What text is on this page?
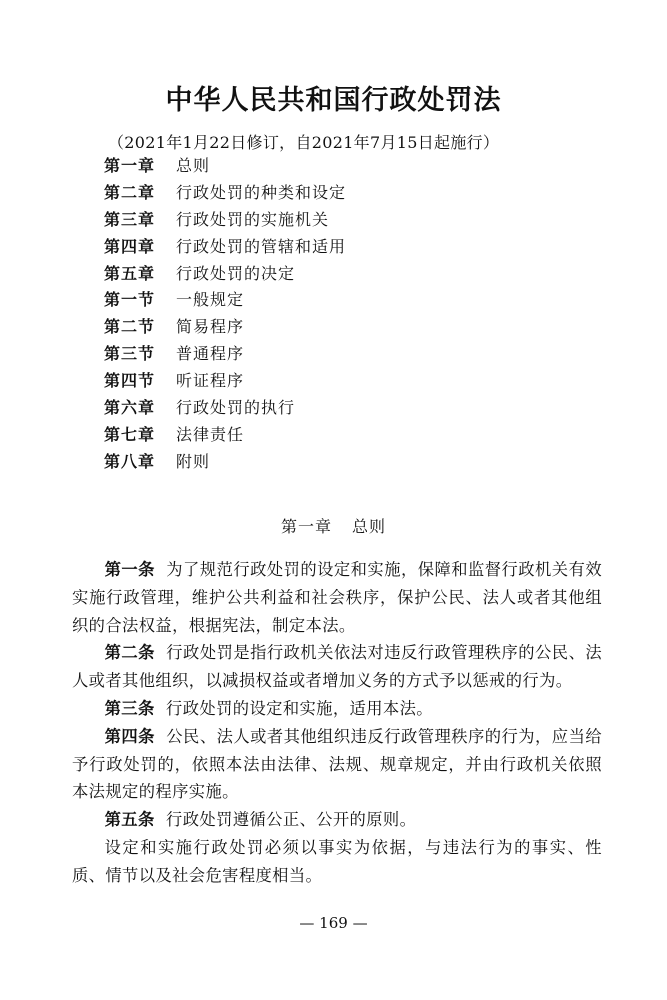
中华人民共和国行政处罚法
（2021年1月22日修订，自2021年7月15日起施行）
第一章 总则
第二章 行政处罚的种类和设定
第三章 行政处罚的实施机关
第四章 行政处罚的管辖和适用
第五章 行政处罚的决定
第一节 一般规定
第二节 简易程序
第三节 普通程序
第四节 听证程序
第六章 行政处罚的执行
第七章 法律责任
第八章 附则
第一章 总则

第一条 为了规范行政处罚的设定和实施，保障和监督行政机关有效实施行政管理，维护公共利益和社会秩序，保护公民、法人或者其他组织的合法权益，根据宪法，制定本法。

第二条 行政处罚是指行政机关依法对违反行政管理秩序的公民、法人或者其他组织，以减损权益或者增加义务的方式予以惩戒的行为。

第三条 行政处罚的设定和实施，适用本法。

第四条 公民、法人或者其他组织违反行政管理秩序的行为，应当给予行政处罚的，依照本法由法律、法规、规章规定，并由行政机关依照本法规定的程序实施。

第五条 行政处罚遵循公正、公开的原则。

设定和实施行政处罚必须以事实为依据，与违法行为的事实、性质、情节以及社会危害程度相当。

— 169 —
